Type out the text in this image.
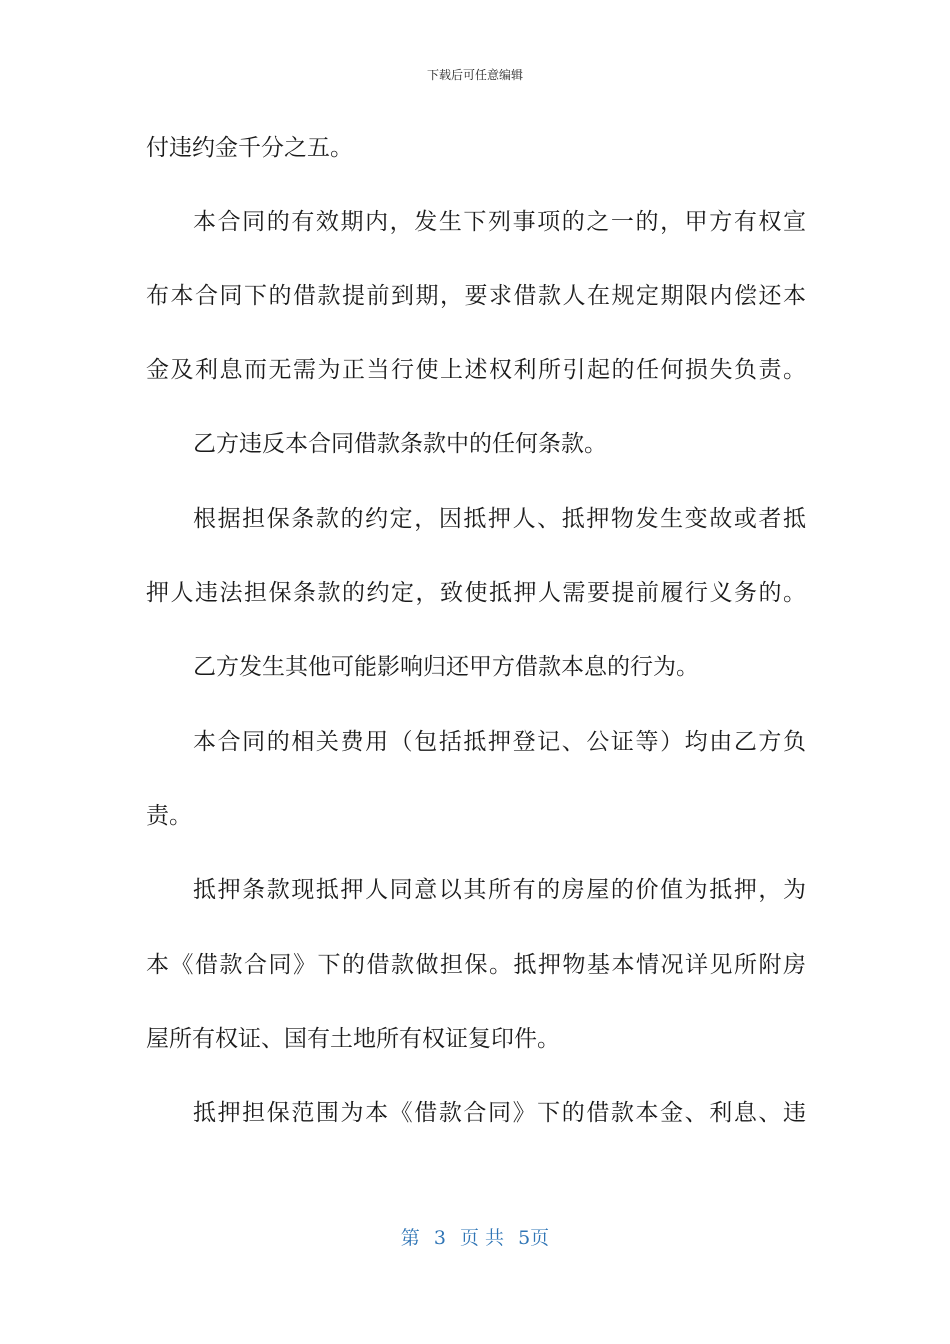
下载后可任意编辑
付违约金千分之五。
本合同的有效期内，发生下列事项的之一的，甲方有权宣
布本合同下的借款提前到期，要求借款人在规定期限内偿还本
金及利息而无需为正当行使上述权利所引起的任何损失负责。
乙方违反本合同借款条款中的任何条款。
根据担保条款的约定，因抵押人、抵押物发生变故或者抵
押人违法担保条款的约定，致使抵押人需要提前履行义务的。
乙方发生其他可能影响归还甲方借款本息的行为。
本合同的相关费用（包括抵押登记、公证等）均由乙方负
责。
抵押条款现抵押人同意以其所有的房屋的价值为抵押，为
本《借款合同》下的借款做担保。抵押物基本情况详见所附房
屋所有权证、国有土地所有权证复印件。
抵押担保范围为本《借款合同》下的借款本金、利息、违
第 3 页 共 5页
